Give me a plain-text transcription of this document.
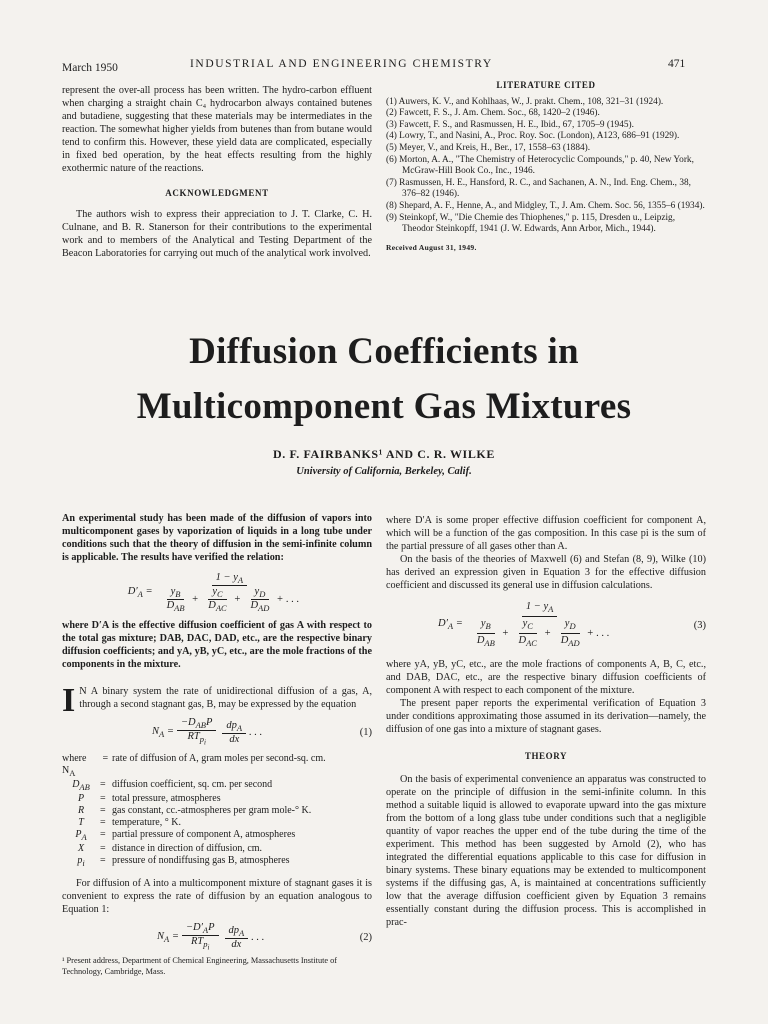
March 1950	INDUSTRIAL AND ENGINEERING CHEMISTRY	471

represent the over-all process has been written. The hydro-carbon effluent when charging a straight chain C₄ hydrocarbon always contained butenes and butadiene, suggesting that these materials may be intermediates in the reaction. The somewhat higher yields from butenes than from butane would tend to confirm this. However, these yield data are complicated, especially in fixed bed operation, by the heat effects resulting from the highly exothermic nature of the reactions.

ACKNOWLEDGMENT

The authors wish to express their appreciation to J. T. Clarke, C. H. Culnane, and B. R. Stanerson for their contributions to the experimental work and to members of the Analytical and Testing Department of the Beacon Laboratories for carrying out much of the analytical work involved.

LITERATURE CITED

(1) Auwers, K. V., and Kohlhaas, W., J. prakt. Chem., 108, 321–31 (1924).

(2) Fawcett, F. S., J. Am. Chem. Soc., 68, 1420–2 (1946).

(3) Fawcett, F. S., and Rasmussen, H. E., Ibid., 67, 1705–9 (1945).

(4) Lowry, T., and Nasini, A., Proc. Roy. Soc. (London), A123, 686–91 (1929).

(5) Meyer, V., and Kreis, H., Ber., 17, 1558–63 (1884).

(6) Morton, A. A., "The Chemistry of Heterocyclic Compounds," p. 40, New York, McGraw-Hill Book Co., Inc., 1946.

(7) Rasmussen, H. E., Hansford, R. C., and Sachanen, A. N., Ind. Eng. Chem., 38, 376–82 (1946).

(8) Shepard, A. F., Henne, A., and Midgley, T., J. Am. Chem. Soc. 56, 1355–6 (1934).

(9) Steinkopf, W., "Die Chemie des Thiophenes," p. 115, Dresden u., Leipzig, Theodor Steinkopff, 1941 (J. W. Edwards, Ann Arbor, Mich., 1944).

Received August 31, 1949.
Diffusion Coefficients in
Multicomponent Gas Mixtures
D. F. FAIRBANKS¹ AND C. R. WILKE
University of California, Berkeley, Calif.
An experimental study has been made of the diffusion of vapors into multicomponent gases by vaporization of liquids in a long tube under conditions such that the theory of diffusion in the semi-infinite column is applicable. The results have verified the relation:
$D'_A = \frac{1 - y_A}{\frac{y_B}{D_{AB}} + \frac{y_C}{D_{AC}} + \frac{y_D}{D_{AD}} + . . .}$
where D′A is the effective diffusion coefficient of gas A with respect to the total gas mixture; DAB, DAC, DAD, etc., are the respective binary diffusion coefficients; and yA, yB, yC, etc., are the mole fractions of the components in the mixture.
I N A binary system the rate of unidirectional diffusion of a gas, A, through a second stagnant gas, B, may be expressed by the equation
$N_A = \frac{-D_{AB}P}{RT_{p_i}} \frac{dp_A}{dx}$ . . .	(1)
where $N_A$
= rate of diffusion of A, gram moles per second-sq. cm.
$D_{AB}$	= diffusion coefficient, sq. cm. per second
P	= total pressure, atmospheres
R	= gas constant, cc.-atmospheres per gram mole-° K.
T	= temperature, ° K.
$P_A$	= partial pressure of component A, atmospheres
X	= distance in direction of diffusion, cm.
$p_i$	= pressure of nondiffusing gas B, atmospheres

For diffusion of A into a multicomponent mixture of stagnant gases it is convenient to express the rate of diffusion by an equation analogous to Equation 1:

$N_A = \frac{-D'_AP}{RT_{p_i}} \frac{dp_A}{dx}$ . . .	(2)
¹ Present address, Department of Chemical Engineering, Massachusetts Institute of Technology, Cambridge, Mass.

where D′A is some proper effective diffusion coefficient for component A, which will be a function of the gas composition. In this case pi is the sum of the partial pressure of all gases other than A.

On the basis of the theories of Maxwell (6) and Stefan (8, 9), Wilke (10) has derived an expression given in Equation 3 for the effective diffusion coefficient and discussed its general use in diffusion calculations.

$D'_A = \frac{1 - y_A}{\frac{y_B}{D_{AB}} + \frac{y_C}{D_{AC}} + \frac{y_D}{D_{AD}} + . . .}$	(3)

where yA, yB, yC, etc., are the mole fractions of components A, B, C, etc., and DAB, DAC, etc., are the respective binary diffusion coefficients of component A with respect to each component of the mixture.

The present paper reports the experimental verification of Equation 3 under conditions approximating those assumed in its derivation—namely, the diffusion of one gas into a mixture of stagnant gases.

THEORY

On the basis of experimental convenience an apparatus was constructed to operate on the principle of diffusion in the semi-infinite column. In this method a suitable liquid is allowed to evaporate upward into the gas mixture from the bottom of a long glass tube under conditions such that a negligible quantity of vapor reaches the upper end of the tube during the time of the experiment. This method has been suggested by Arnold (2), who has integrated the differential equations applicable to this case for diffusion in binary systems. These binary equations may be extended to multicomponent systems if the diffusing gas, A, is maintained at concentrations sufficiently low that the average diffusion coefficient given by Equation 3 remains essentially constant during the diffusion process. This is accomplished in prac-
